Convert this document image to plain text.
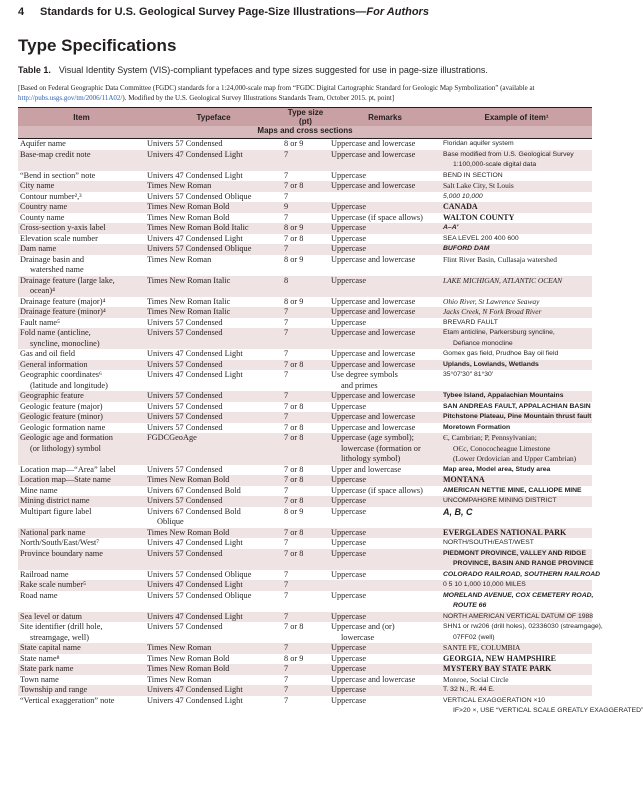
4 Standards for U.S. Geological Survey Page-Size Illustrations—For Authors
Type Specifications
Table 1. Visual Identity System (VIS)-compliant typefaces and type sizes suggested for use in page-size illustrations.
[Based on Federal Geographic Data Committee (FGDC) standards for a 1:24,000-scale map from “FGDC Digital Cartographic Standard for Geologic Map Symbolization” (available at http://pubs.usgs.gov/tm/2006/11A02/). Modified by the U.S. Geological Survey Illustrations Standards Team, October 2015. pt, point]
Item	Typeface	Type size (pt)	Remarks	Example of item¹
Maps and cross sections				

Aquifer name	Univers 57 Condensed	8 or 9	Uppercase and lowercase	Floridan aquifer system

Base-map credit note	Univers 47 Condensed Light	7	Uppercase and lowercase	Base modified from U.S. Geological Survey
1:100,000-scale digital data

“Bend in section” note	Univers 47 Condensed Light	7	Uppercase	BEND IN SECTION

City name	Times New Roman	7 or 8	Uppercase and lowercase	Salt Lake City, St Louis

Contour number²,³	Univers 57 Condensed Oblique	7		5,000 10,000

Country name	Times New Roman Bold	9	Uppercase	CANADA

County name	Times New Roman Bold	7	Uppercase (if space allows)	WALTON COUNTY

Cross-section y-axis label	Times New Roman Bold Italic	8 or 9	Uppercase	A–A′

Elevation scale number	Univers 47 Condensed Light	7 or 8	Uppercase	SEA LEVEL 200 400 600

Dam name	Univers 57 Condensed Oblique	7	Uppercase	BUFORD DAM

Drainage basin and
watershed name	Times New Roman	8 or 9	Uppercase and lowercase	Flint River Basin, Cullasaja watershed

Drainage feature (large lake,
ocean)⁴	Times New Roman Italic	8	Uppercase	LAKE MICHIGAN, ATLANTIC OCEAN

Drainage feature (major)⁴	Times New Roman Italic	8 or 9	Uppercase and lowercase	Ohio River, St Lawrence Seaway

Drainage feature (minor)⁴	Times New Roman Italic	7	Uppercase and lowercase	Jacks Creek, N Fork Broad River

Fault name⁵	Univers 57 Condensed	7	Uppercase	BREVARD FAULT

Fold name (anticline,
syncline, monocline)	Univers 57 Condensed	7	Uppercase and lowercase	Etam anticline, Parkersburg syncline,
Defiance monocline

Gas and oil field	Univers 47 Condensed Light	7	Uppercase and lowercase	Gomex gas field, Prudhoe Bay oil field

General information	Univers 57 Condensed	7 or 8	Uppercase and lowercase	Uplands, Lowlands, Wetlands

Geographic coordinates⁶
(latitude and longitude)	Univers 47 Condensed Light	7	Use degree symbols
and primes	35°07′30″ 81°30′

Geographic feature	Univers 57 Condensed	7	Uppercase and lowercase	Tybee Island, Appalachian Mountains

Geologic feature (major)	Univers 57 Condensed	7 or 8	Uppercase	SAN ANDREAS FAULT, APPALACHIAN BASIN

Geologic feature (minor)	Univers 57 Condensed	7	Uppercase and lowercase	Pitchstone Plateau, Pine Mountain thrust fault

Geologic formation name	Univers 57 Condensed	7 or 8	Uppercase and lowercase	Moretown Formation

Geologic age and formation
(or lithology) symbol	FGDCGeoAge	7 or 8	Uppercase (age symbol);
lowercase (formation or
lithology symbol)	Є, Cambrian; P, Pennsylvanian;
OЄc, Conococheague Limestone
(Lower Ordovician and Upper Cambrian)

Location map—“Area” label	Univers 57 Condensed	7 or 8	Upper and lowercase	Map area, Model area, Study area

Location map—State name	Times New Roman Bold	7 or 8	Uppercase	MONTANA

Mine name	Univers 67 Condensed Bold	7	Uppercase (if space allows)	AMERICAN NETTIE MINE, CALLIOPE MINE

Mining district name	Univers 57 Condensed	7 or 8	Uppercase	UNCOMPAHGRE MINING DISTRICT

Multipart figure label	Univers 67 Condensed Bold
Oblique	8 or 9	Uppercase	A, B, C

National park name	Times New Roman Bold	7 or 8	Uppercase	EVERGLADES NATIONAL PARK

North/South/East/West⁷	Univers 47 Condensed Light	7	Uppercase	NORTH/SOUTH/EAST/WEST

Province boundary name	Univers 57 Condensed	7 or 8	Uppercase	PIEDMONT PROVINCE, VALLEY AND RIDGE
PROVINCE, BASIN AND RANGE PROVINCE

Railroad name	Univers 57 Condensed Oblique	7	Uppercase	COLORADO RAILROAD, SOUTHERN RAILROAD

Rake scale number⁵	Univers 47 Condensed Light	7		0 5 10 1,000 10,000 MILES

Road name	Univers 57 Condensed Oblique	7	Uppercase	MORELAND AVENUE, COX CEMETERY ROAD,
ROUTE 66

Sea level or datum	Univers 47 Condensed Light	7	Uppercase	NORTH AMERICAN VERTICAL DATUM OF 1988

Site identifier (drill hole,
streamgage, well)	Univers 57 Condensed	7 or 8	Uppercase and (or)
lowercase	SHN1 or rw206 (drill holes), 02336030 (streamgage),
07FF02 (well)

State capital name	Times New Roman	7	Uppercase	SANTE FE, COLUMBIA

State name⁸	Times New Roman Bold	8 or 9	Uppercase	GEORGIA, NEW HAMPSHIRE

State park name	Times New Roman Bold	7	Uppercase	MYSTERY BAY STATE PARK

Town name	Times New Roman	7	Uppercase and lowercase	Monroe, Social Circle

Township and range	Univers 47 Condensed Light	7	Uppercase	T. 32 N., R. 44 E.

“Vertical exaggeration” note	Univers 47 Condensed Light	7	Uppercase	VERTICAL EXAGGERATION ×10
IF>20 ×, USE “VERTICAL SCALE GREATLY EXAGGERATED”
